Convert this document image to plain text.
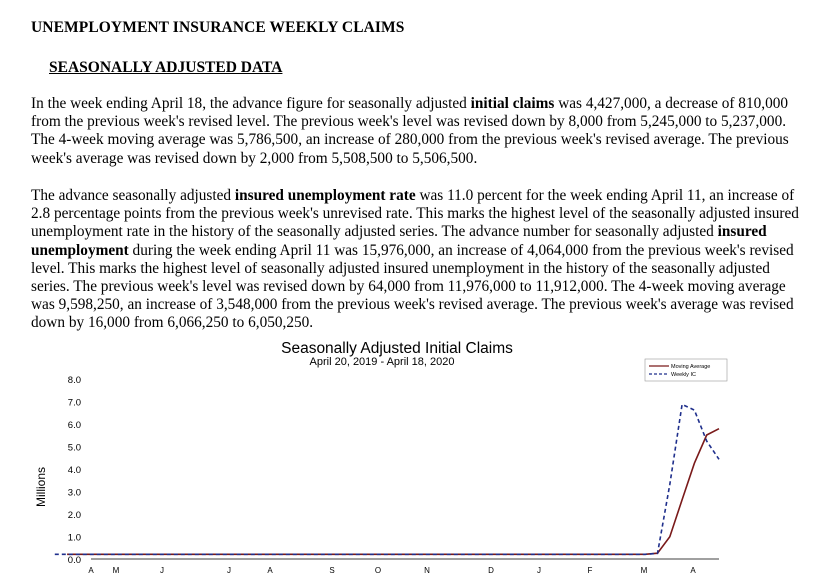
UNEMPLOYMENT INSURANCE WEEKLY CLAIMS
SEASONALLY ADJUSTED DATA

In the week ending April 18, the advance figure for seasonally adjusted initial claims was 4,427,000, a decrease of 810,000 from the previous week's revised level. The previous week's level was revised down by 8,000 from 5,245,000 to 5,237,000. The 4-week moving average was 5,786,500, an increase of 280,000 from the previous week's revised average. The previous week's average was revised down by 2,000 from 5,508,500 to 5,506,500.

The advance seasonally adjusted insured unemployment rate was 11.0 percent for the week ending April 11, an increase of 2.8 percentage points from the previous week's unrevised rate. This marks the highest level of the seasonally adjusted insured unemployment rate in the history of the seasonally adjusted series. The advance number for seasonally adjusted insured unemployment during the week ending April 11 was 15,976,000, an increase of 4,064,000 from the previous week's revised level. This marks the highest level of seasonally adjusted insured unemployment in the history of the seasonally adjusted series. The previous week's level was revised down by 64,000 from 11,976,000 to 11,912,000. The 4-week moving average was 9,598,250, an increase of 3,548,000 from the previous week's revised average. The previous week's average was revised down by 16,000 from 6,066,250 to 6,050,250.

Seasonally Adjusted Initial Claims
April 20, 2019 - April 18, 2020
Millions
0.0
1.0
2.0
3.0
4.0
5.0
6.0
7.0
8.0
A M	J	J	A	S	O	N	D	J	F	M	A
Moving Average
Weekly IC
